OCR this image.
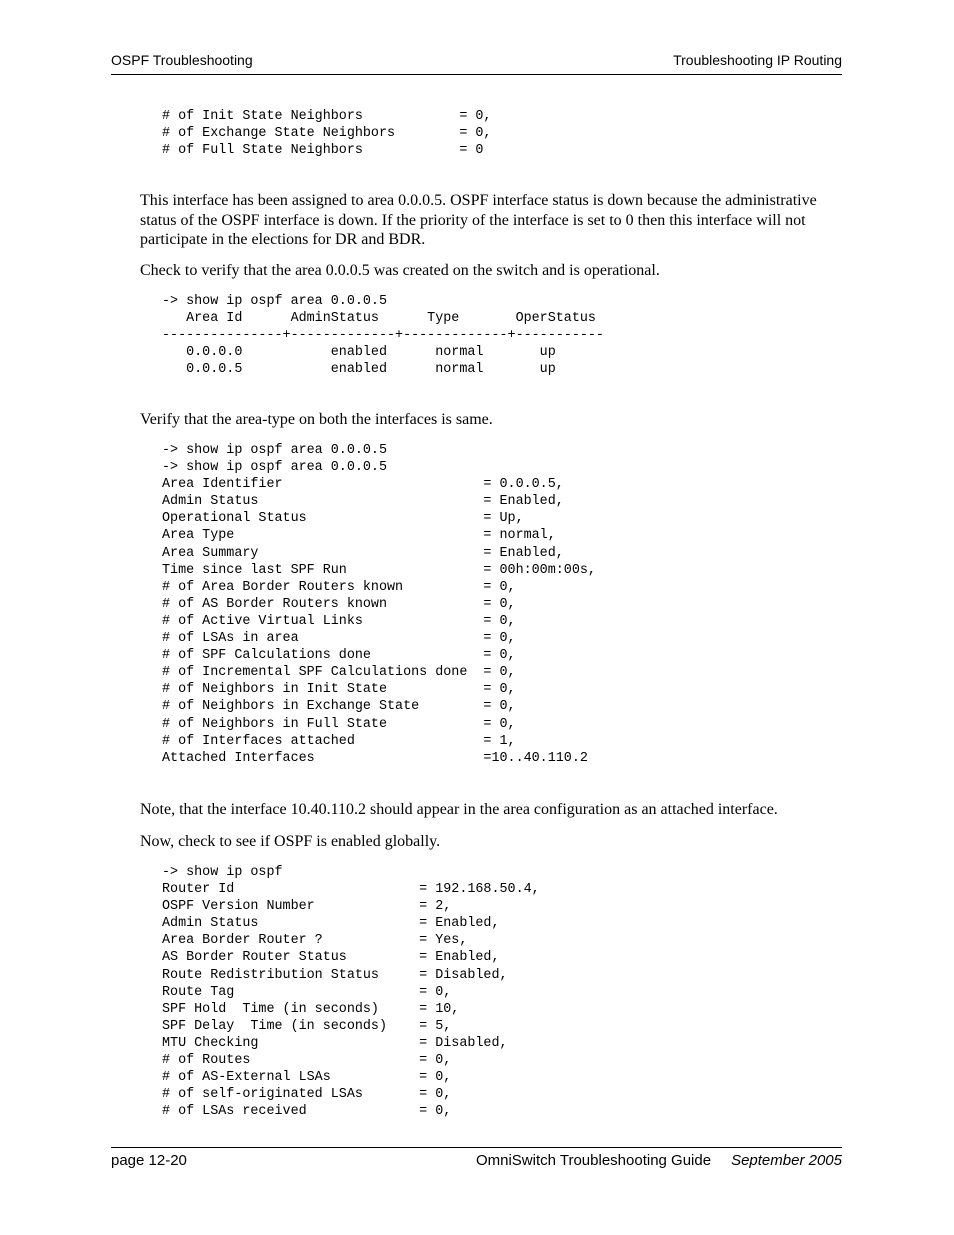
OSPF Troubleshooting	Troubleshooting IP Routing
# of Init State Neighbors            = 0,
# of Exchange State Neighbors        = 0,
# of Full State Neighbors            = 0

This interface has been assigned to area 0.0.0.5. OSPF interface status is down because the administrative status of the OSPF interface is down. If the priority of the interface is set to 0 then this interface will not participate in the elections for DR and BDR.

Check to verify that the area 0.0.0.5 was created on the switch and is operational.

-> show ip ospf area 0.0.0.5
Area Id      AdminStatus      Type       OperStatus
---------------+-------------+-------------+-----------
0.0.0.0           enabled      normal       up
0.0.0.5           enabled      normal       up

Verify that the area-type on both the interfaces is same.

-> show ip ospf area 0.0.0.5
-> show ip ospf area 0.0.0.5
Area Identifier                         = 0.0.0.5,
Admin Status                            = Enabled,
Operational Status                      = Up,
Area Type                               = normal,
Area Summary                            = Enabled,
Time since last SPF Run                 = 00h:00m:00s,
# of Area Border Routers known          = 0,
# of AS Border Routers known            = 0,
# of Active Virtual Links               = 0,
# of LSAs in area                       = 0,
# of SPF Calculations done              = 0,
# of Incremental SPF Calculations done  = 0,
# of Neighbors in Init State            = 0,
# of Neighbors in Exchange State        = 0,
# of Neighbors in Full State            = 0,
# of Interfaces attached                = 1,
Attached Interfaces                     =10..40.110.2

Note, that the interface 10.40.110.2 should appear in the area configuration as an attached interface.

Now, check to see if OSPF is enabled globally.

-> show ip ospf
Router Id                       = 192.168.50.4,
OSPF Version Number             = 2,
Admin Status                    = Enabled,
Area Border Router ?            = Yes,
AS Border Router Status         = Enabled,
Route Redistribution Status     = Disabled,
Route Tag                       = 0,
SPF Hold  Time (in seconds)     = 10,
SPF Delay  Time (in seconds)    = 5,
MTU Checking                    = Disabled,
# of Routes                     = 0,
# of AS-External LSAs           = 0,
# of self-originated LSAs       = 0,
# of LSAs received              = 0,
page 12-20	OmniSwitch Troubleshooting Guide September 2005
